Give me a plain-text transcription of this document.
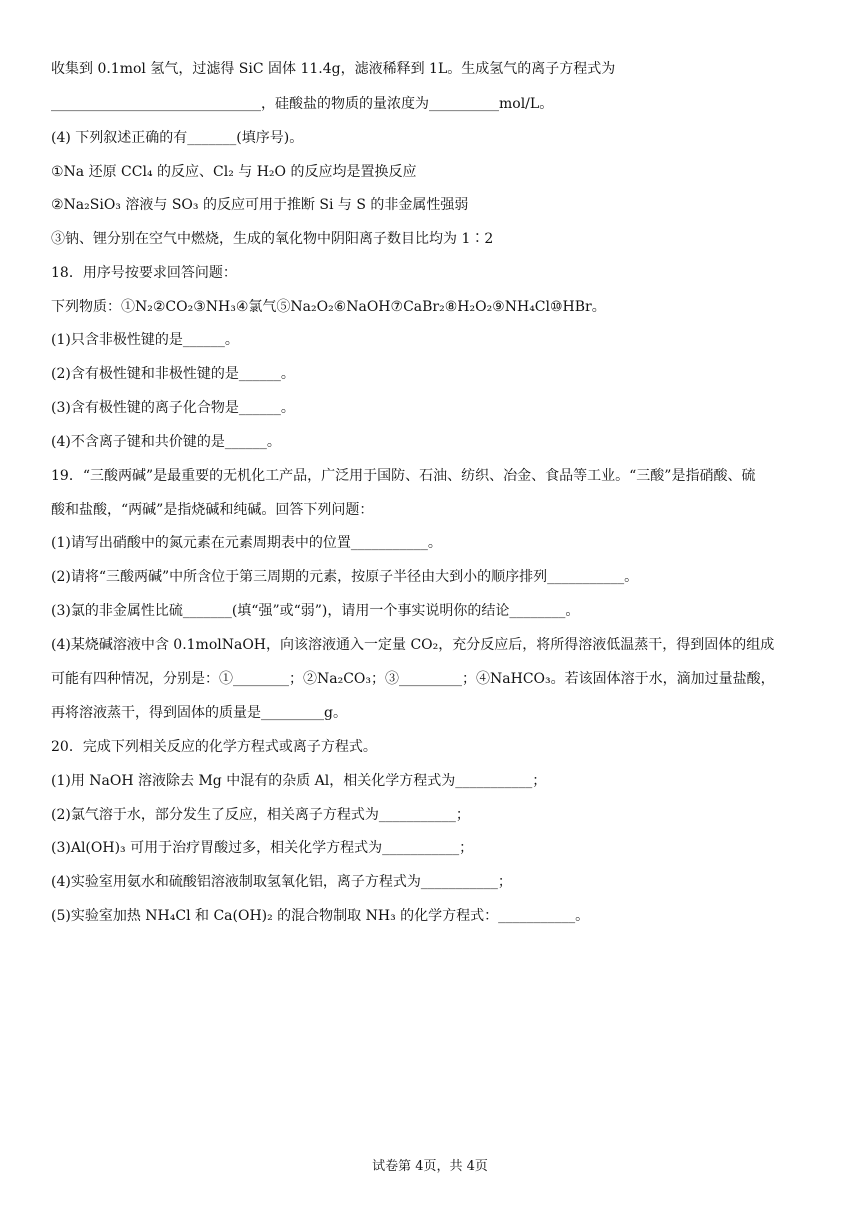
收集到 0.1mol 氢气，过滤得 SiC 固体 11.4g，滤液稀释到 1L。生成氢气的离子方程式为
______________________________，硅酸盐的物质的量浓度为__________mol/L。
(4) 下列叙述正确的有_______(填序号)。
①Na 还原 CCl₄ 的反应、Cl₂ 与 H₂O 的反应均是置换反应
②Na₂SiO₃ 溶液与 SO₃ 的反应可用于推断 Si 与 S 的非金属性强弱
③钠、锂分别在空气中燃烧，生成的氧化物中阴阳离子数目比均为 1∶2
18．用序号按要求回答问题：
下列物质：①N₂②CO₂③NH₃④氯气⑤Na₂O₂⑥NaOH⑦CaBr₂⑧H₂O₂⑨NH₄Cl⑩HBr。
(1)只含非极性键的是______。
(2)含有极性键和非极性键的是______。
(3)含有极性键的离子化合物是______。
(4)不含离子键和共价键的是______。
19．“三酸两碱”是最重要的无机化工产品，广泛用于国防、石油、纺织、冶金、食品等工业。“三酸”是指硝酸、硫
酸和盐酸，“两碱”是指烧碱和纯碱。回答下列问题：
(1)请写出硝酸中的氮元素在元素周期表中的位置___________。
(2)请将“三酸两碱”中所含位于第三周期的元素，按原子半径由大到小的顺序排列___________。
(3)氯的非金属性比硫_______(填“强”或“弱”)，请用一个事实说明你的结论________。
(4)某烧碱溶液中含 0.1molNaOH，向该溶液通入一定量 CO₂，充分反应后，将所得溶液低温蒸干，得到固体的组成
可能有四种情况，分别是：①________；②Na₂CO₃；③_________；④NaHCO₃。若该固体溶于水，滴加过量盐酸，
再将溶液蒸干，得到固体的质量是_________g。
20．完成下列相关反应的化学方程式或离子方程式。
(1)用 NaOH 溶液除去 Mg 中混有的杂质 Al，相关化学方程式为___________；
(2)氯气溶于水，部分发生了反应，相关离子方程式为___________；
(3)Al(OH)₃ 可用于治疗胃酸过多，相关化学方程式为___________；
(4)实验室用氨水和硫酸铝溶液制取氢氧化铝，离子方程式为___________；
(5)实验室加热 NH₄Cl 和 Ca(OH)₂ 的混合物制取 NH₃ 的化学方程式：___________。
试卷第 4页，共 4页
